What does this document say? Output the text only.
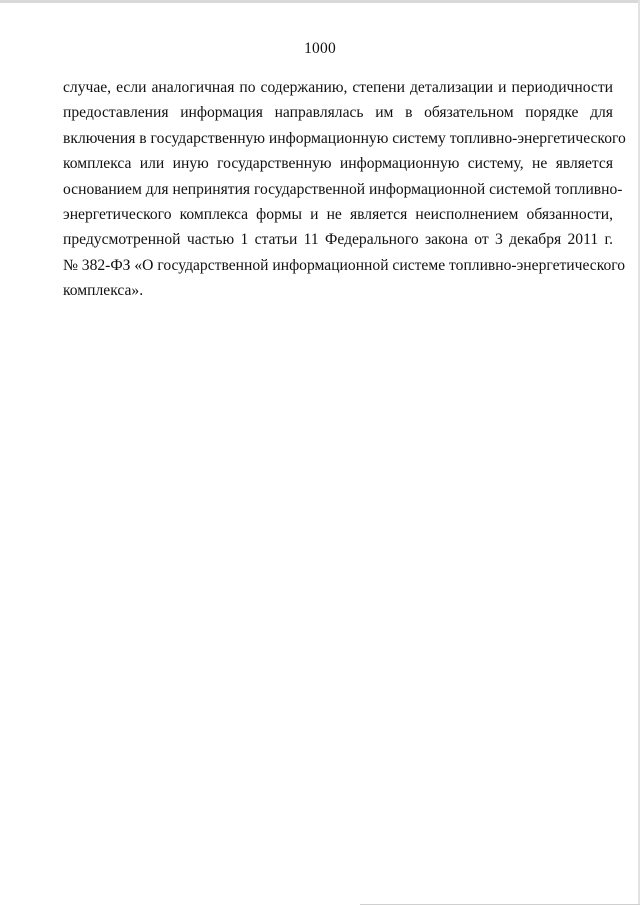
1000

случае, если аналогичная по содержанию, степени детализации и периодичности
предоставления информация направлялась им в обязательном порядке для
включения в государственную информационную систему топливно-энергетического
комплекса или иную государственную информационную систему, не является
основанием для непринятия государственной информационной системой топливно-
энергетического комплекса формы и не является неисполнением обязанности,
предусмотренной частью 1 статьи 11 Федерального закона от 3 декабря 2011 г.
№ 382-ФЗ «О государственной информационной системе топливно-энергетического
комплекса».
